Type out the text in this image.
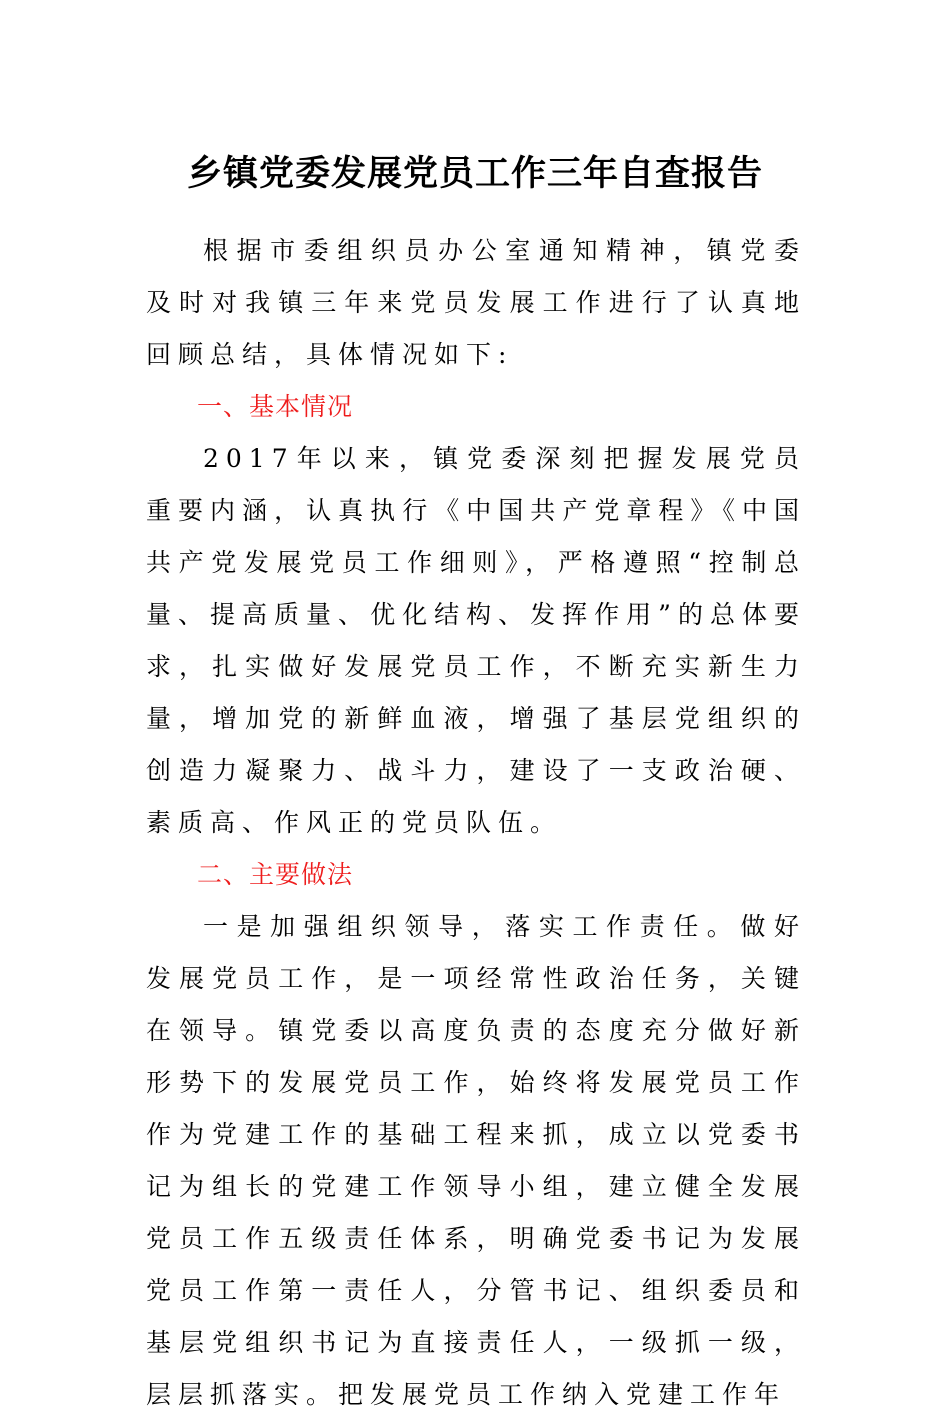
乡镇党委发展党员工作三年自查报告

根据市委组织员办公室通知精神，镇党委及时对我镇三年来党员发展工作进行了认真地回顾总结，具体情况如下:

一、基本情况

2017年以来，镇党委深刻把握发展党员重要内涵，认真执行《中国共产党章程》《中国共产党发展党员工作细则》，严格遵照“控制总量、提高质量、优化结构、发挥作用”的总体要求，扎实做好发展党员工作，不断充实新生力量，增加党的新鲜血液，增强了基层党组织的创造力凝聚力、战斗力，建设了一支政治硬、素质高、作风正的党员队伍。

二、主要做法

一是加强组织领导，落实工作责任。做好发展党员工作，是一项经常性政治任务，关键在领导。镇党委以高度负责的态度充分做好新形势下的发展党员工作，始终将发展党员工作作为党建工作的基础工程来抓，成立以党委书记为组长的党建工作领导小组，建立健全发展党员工作五级责任体系，明确党委书记为发展党员工作第一责任人，分管书记、组织委员和基层党组织书记为直接责任人，一级抓一级，层层抓落实。把发展党员工作纳入党建工作年
